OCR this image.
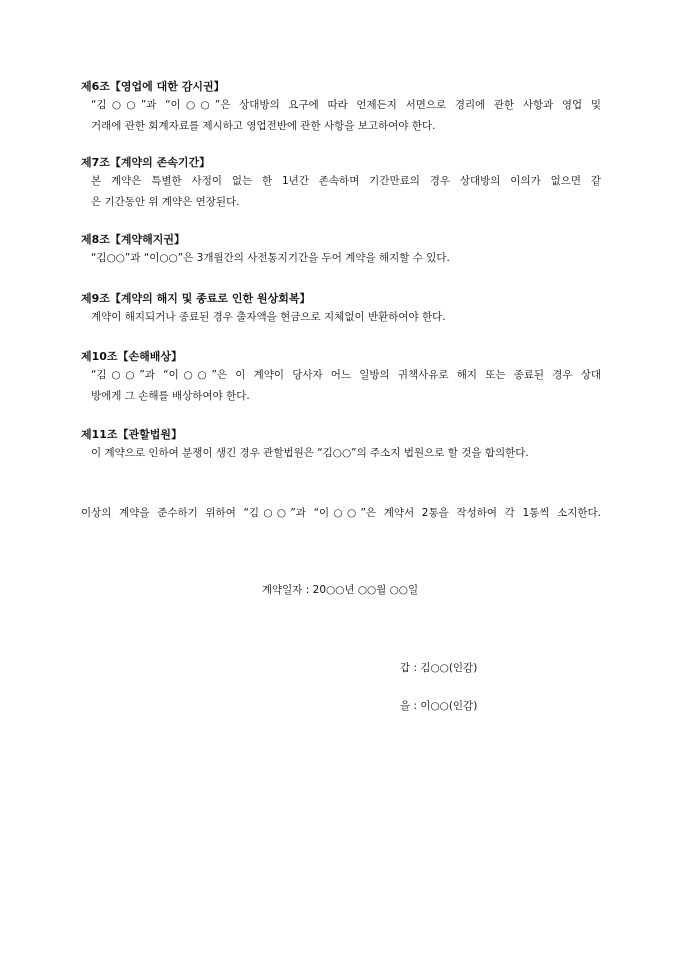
제6조【영업에 대한 감시권】

“김○○”과 “이○○”은 상대방의 요구에 따라 언제든지 서면으로 경리에 관한 사항과 영업 및
거래에 관한 회계자료를 제시하고 영업전반에 관한 사항을 보고하여야 한다.

제7조【계약의 존속기간】

본 계약은 특별한 사정이 없는 한 1년간 존속하며 기간만료의 경우 상대방의 이의가 없으면 같
은 기간동안 위 계약은 연장된다.

제8조【계약해지권】

“김○○”과 “이○○”은 3개월간의 사전통지기간을 두어 계약을 해지할 수 있다.

제9조【계약의 해지 및 종료로 인한 원상회복】

계약이 해지되거나 종료된 경우 출자액을 현금으로 지체없이 반환하여야 한다.

제10조【손해배상】

“김○○”과 “이○○”은 이 계약이 당사자 어느 일방의 귀책사유로 해지 또는 종료된 경우 상대
방에게 그 손해를 배상하여야 한다.

제11조【관할법원】

이 계약으로 인하여 분쟁이 생긴 경우 관할법원은 “김○○”의 주소지 법원으로 할 것을 합의한다.
이상의 계약을 준수하기 위하여 “김○○”과 “이○○”은 계약서 2통을 작성하여 각 1통씩 소지한다.
계약일자 : 20○○년 ○○월 ○○일
갑 : 김○○(인감)
을 : 이○○(인감)
